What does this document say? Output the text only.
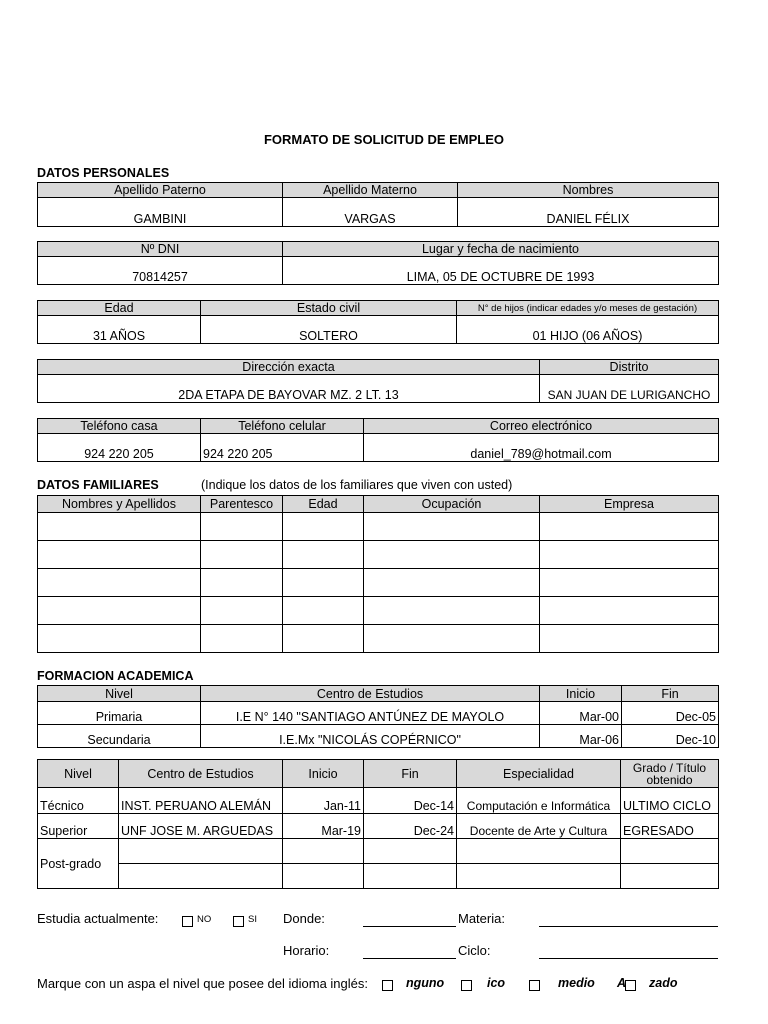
FORMATO DE SOLICITUD DE EMPLEO
DATOS PERSONALES
Apellido Paterno	Apellido Materno	Nombres
GAMBINI	VARGAS	DANIEL FÉLIX
Nº DNI	Lugar y fecha de nacimiento
70814257	LIMA, 05 DE OCTUBRE DE 1993
Edad	Estado civil	N° de hijos (indicar edades y/o meses de gestación)
31 AÑOS	SOLTERO	01 HIJO (06 AÑOS)
Dirección exacta	Distrito
2DA ETAPA DE BAYOVAR MZ. 2 LT. 13	SAN JUAN DE LURIGANCHO
Teléfono casa	Teléfono celular	Correo electrónico
924 220 205	924 220 205	daniel_789@hotmail.com
DATOS FAMILIARES	(Indique los datos de los familiares que viven con usted)
Nombres y Apellidos	Parentesco	Edad	Ocupación	Empresa

FORMACION ACADEMICA
Nivel	Centro de Estudios	Inicio	Fin
Primaria	I.E N° 140 "SANTIAGO ANTÚNEZ DE MAYOLO	Mar-00	Dec-05
Secundaria	I.E.Mx "NICOLÁS COPÉRNICO"	Mar-06	Dec-10
Nivel	Centro de Estudios	Inicio	Fin	Especialidad	Grado / Título obtenido
Técnico	INST. PERUANO ALEMÁN	Jan-11	Dec-14	Computación e Informática	ULTIMO CICLO
Superior	UNF JOSE M. ARGUEDAS	Mar-19	Dec-24	Docente de Arte y Cultura	EGRESADO
Post-grado					

Estudia actualmente:	NO	SI Donde:	Materia:
Horario:	Ciclo:
Marque con un aspa el nivel que posee del idioma inglés:	nguno	ico	medio A zado
